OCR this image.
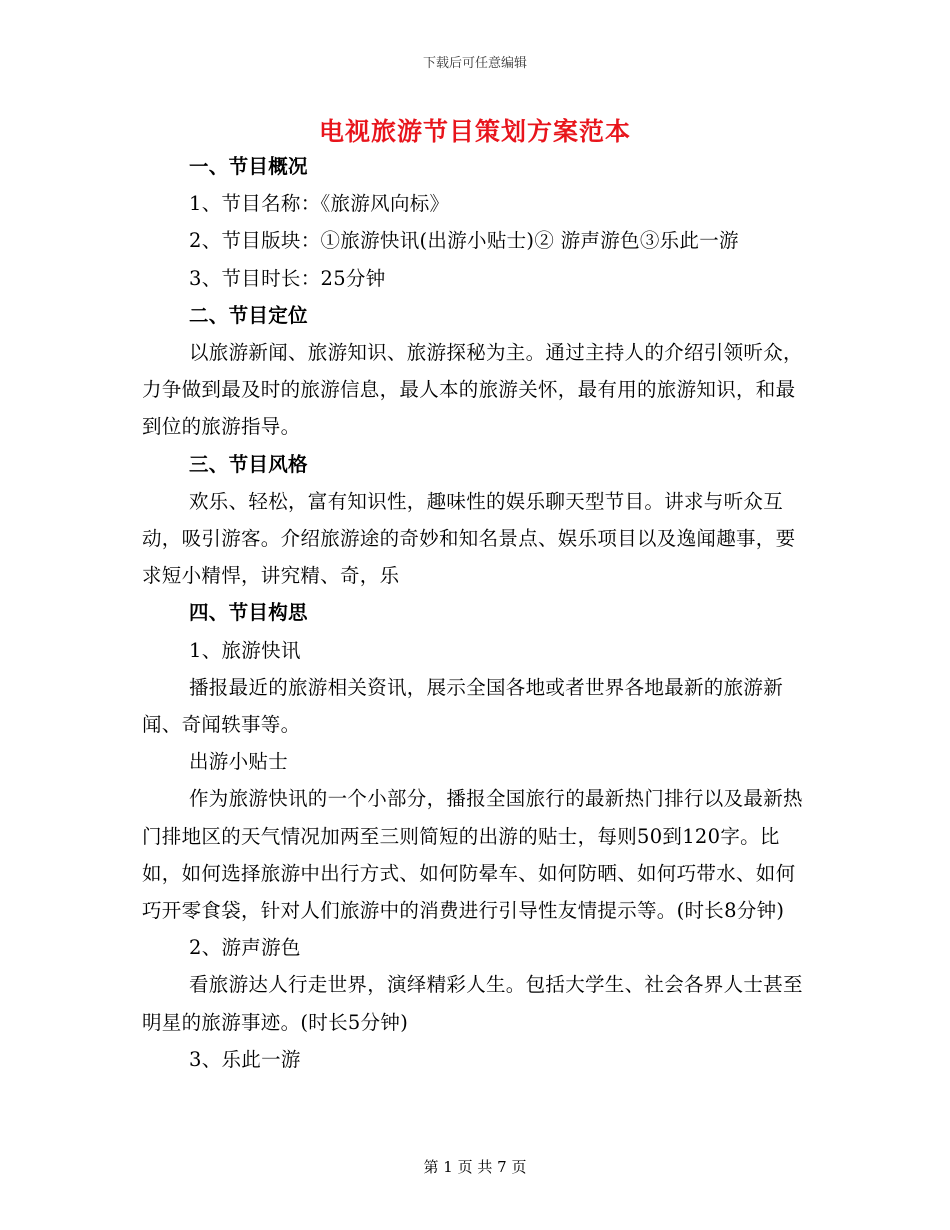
下载后可任意编辑
电视旅游节目策划方案范本

一、节目概况

1、节目名称：《旅游风向标》

2、节目版块：①旅游快讯(出游小贴士)② 游声游色③乐此一游

3、节目时长：25分钟

二、节目定位

以旅游新闻、旅游知识、旅游探秘为主。通过主持人的介绍引领听众，力争做到最及时的旅游信息，最人本的旅游关怀，最有用的旅游知识，和最到位的旅游指导。

三、节目风格

欢乐、轻松，富有知识性，趣味性的娱乐聊天型节目。讲求与听众互动，吸引游客。介绍旅游途的奇妙和知名景点、娱乐项目以及逸闻趣事，要求短小精悍，讲究精、奇，乐

四、节目构思

1、旅游快讯

播报最近的旅游相关资讯，展示全国各地或者世界各地最新的旅游新闻、奇闻轶事等。

出游小贴士

作为旅游快讯的一个小部分，播报全国旅行的最新热门排行以及最新热门排地区的天气情况加两至三则简短的出游的贴士，每则50到120字。比如，如何选择旅游中出行方式、如何防晕车、如何防晒、如何巧带水、如何巧开零食袋，针对人们旅游中的消费进行引导性友情提示等。(时长8分钟)

2、游声游色

看旅游达人行走世界，演绎精彩人生。包括大学生、社会各界人士甚至明星的旅游事迹。(时长5分钟)

3、乐此一游

第 1 页 共 7 页
